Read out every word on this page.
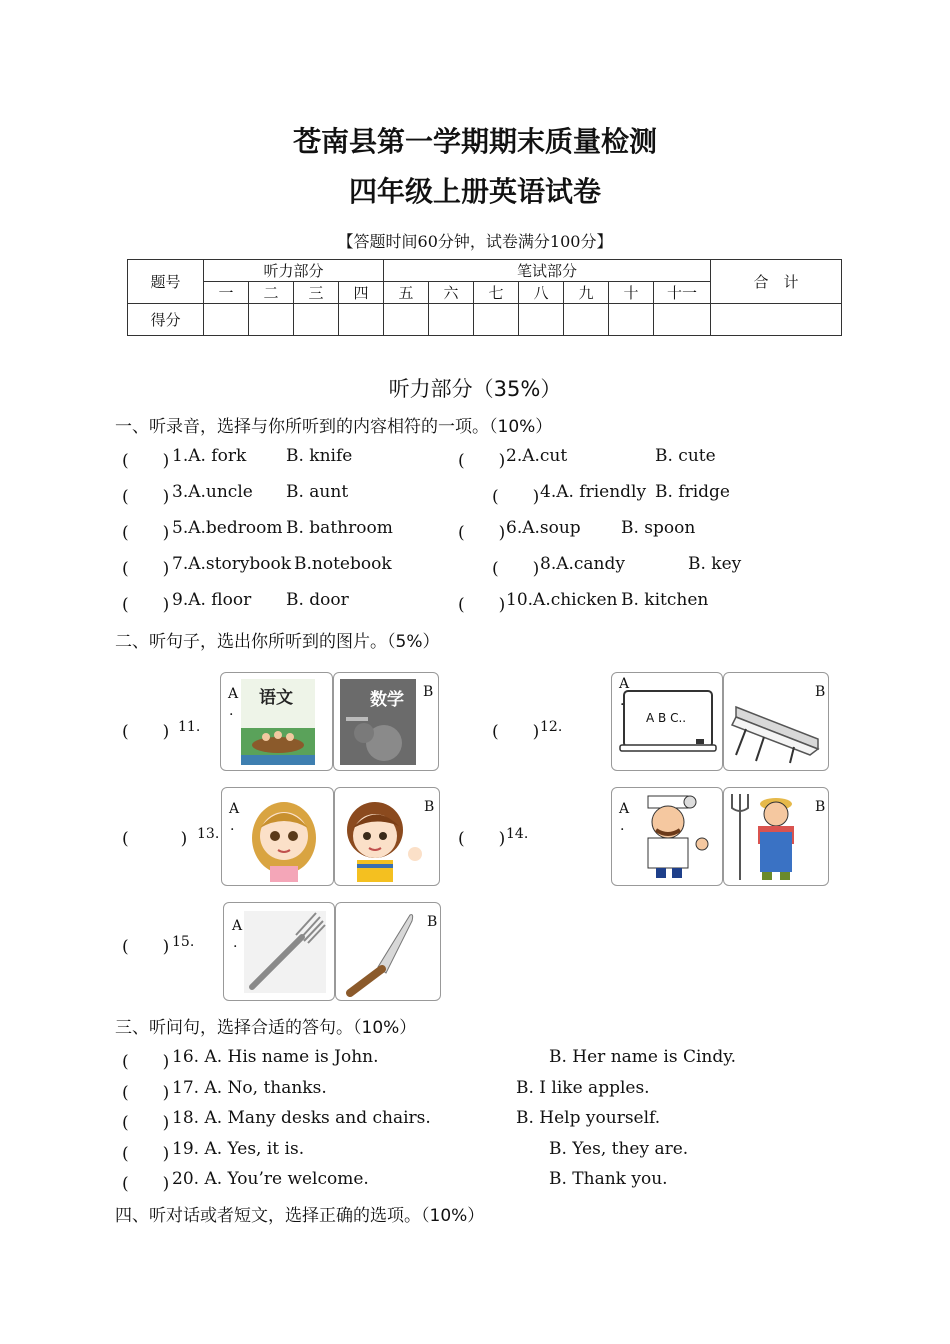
苍南县第一学期期末质量检测
四年级上册英语试卷
【答题时间60分钟，试卷满分100分】
题号	听力部分				笔试部分							合　计
	一	二	三	四	五	六	七	八	九	十	十一	
得分												
听力部分（35%）
一、听录音，选择与你所听到的内容相符的一项。（10%）
(　　) 1.A. fork B. knife	(　　) 2.A.cut	B. cute
(　　) 3.A.uncle B. aunt	(　　) 4.A. friendly B. fridge
(　　) 5.A.bedroom B. bathroom	(　　) 6.A.soup B. spoon
(　　) 7.A.storybook B.notebook	(　　) 8.A.candy	B. key
(　　) 9.A. floor B. door	(　　) 10.A.chicken B. kitchen
二、听句子，选出你所听到的图片。（5%）
(　　) 11.
A
.
语文	B
数学
(　　) 12.
A
.
A B C..
B
(　　) 13.
A
.
B
(　　) 14.
A
.
B
(　　) 15.
A
.
B
三、听问句，选择合适的答句。（10%）
(　　) 16. A. His name is John.	B. Her name is Cindy.
(　　) 17. A. No, thanks.	B. I like apples.
(　　) 18. A. Many desks and chairs.	B. Help yourself.
(　　) 19. A. Yes, it is.	B. Yes, they are.
(　　) 20. A. You’re welcome.	B. Thank you.
四、听对话或者短文，选择正确的选项。（10%）
